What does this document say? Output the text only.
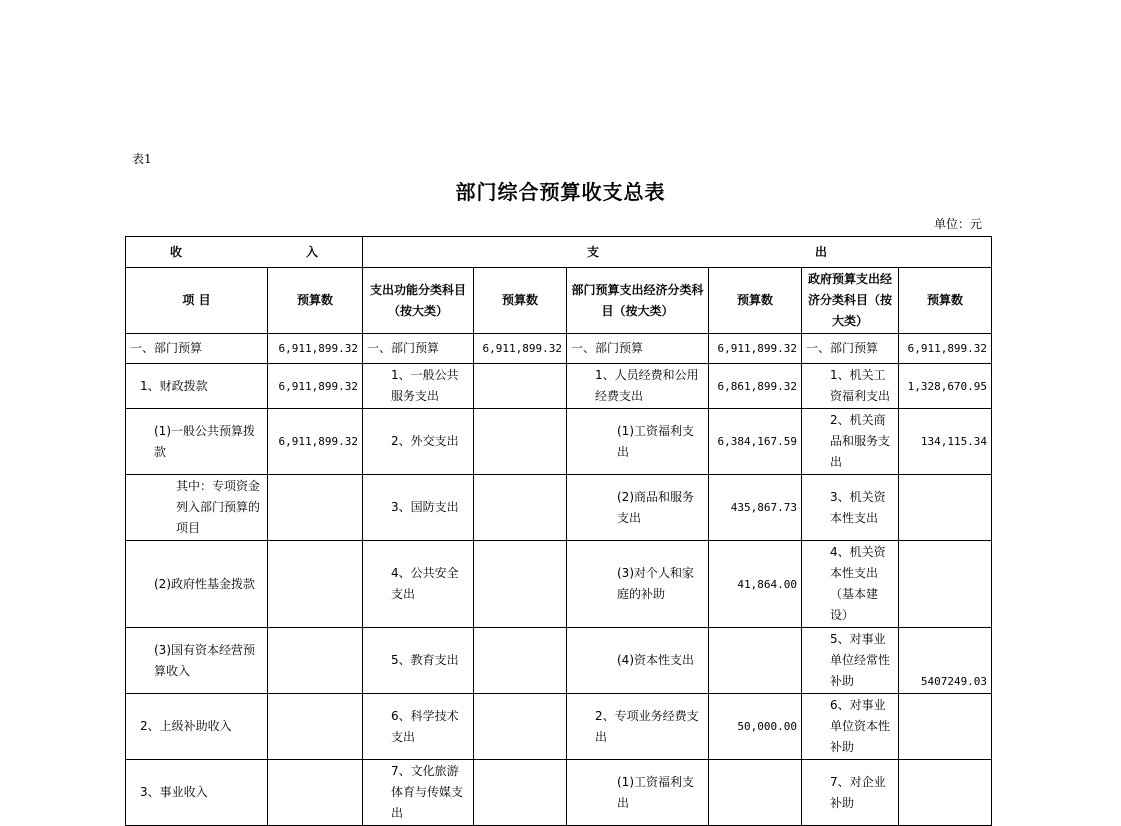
表1
部门综合预算收支总表
单位：元
收 入		支 出					

项 目	预算数	支出功能分类科目（按大类）	预算数	部门预算支出经济分类科目（按大类）	预算数	政府预算支出经济分类科目（按大类）	预算数
一、部门预算	6,911,899.32	一、部门预算	6,911,899.32	一、部门预算	6,911,899.32	一、部门预算	6,911,899.32
1、财政拨款	6,911,899.32	1、一般公共服务支出		1、人员经费和公用经费支出	6,861,899.32	1、机关工资福利支出	1,328,670.95
(1)一般公共预算拨款	6,911,899.32	2、外交支出		(1)工资福利支出	6,384,167.59	2、机关商品和服务支出	134,115.34
其中：专项资金列入部门预算的项目		3、国防支出		(2)商品和服务支出	435,867.73	3、机关资本性支出	
(2)政府性基金拨款		4、公共安全支出		(3)对个人和家庭的补助	41,864.00	4、机关资本性支出（基本建设）	
(3)国有资本经营预算收入		5、教育支出		(4)资本性支出		5、对事业单位经常性补助	5407249.03
2、上级补助收入		6、科学技术支出		2、专项业务经费支出	50,000.00	6、对事业单位资本性补助	
3、事业收入		7、文化旅游体育与传媒支出		(1)工资福利支出		7、对企业补助	
